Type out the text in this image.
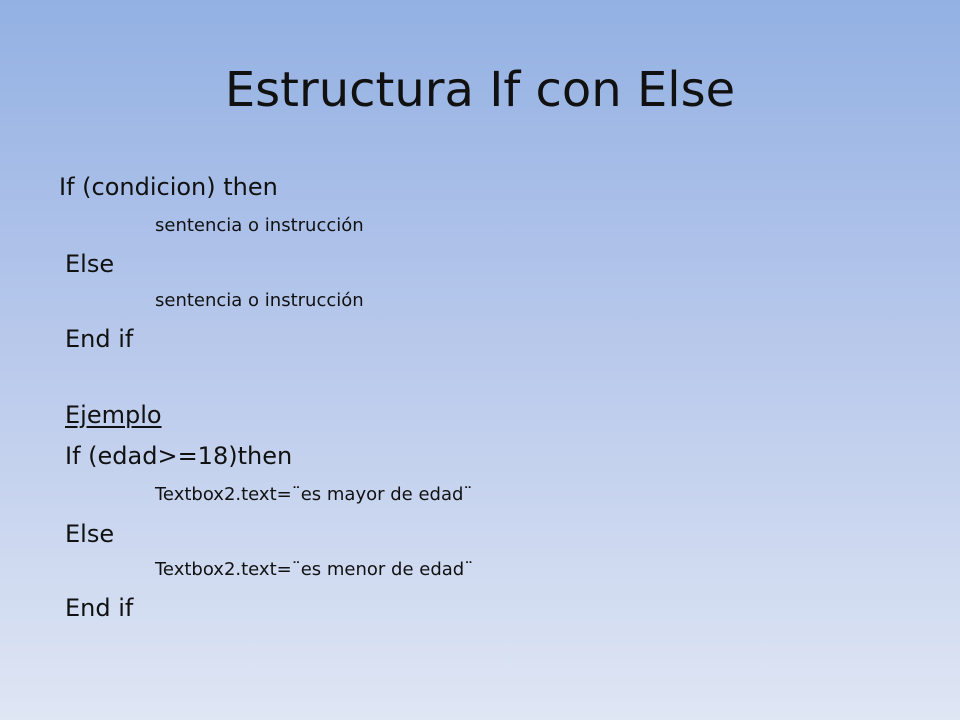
Estructura If con Else
If (condicion) then
sentencia o instrucción
Else
sentencia o instrucción
End if
Ejemplo
If (edad>=18)then
Textbox2.text=¨es mayor de edad¨
Else
Textbox2.text=¨es menor de edad¨
End if
